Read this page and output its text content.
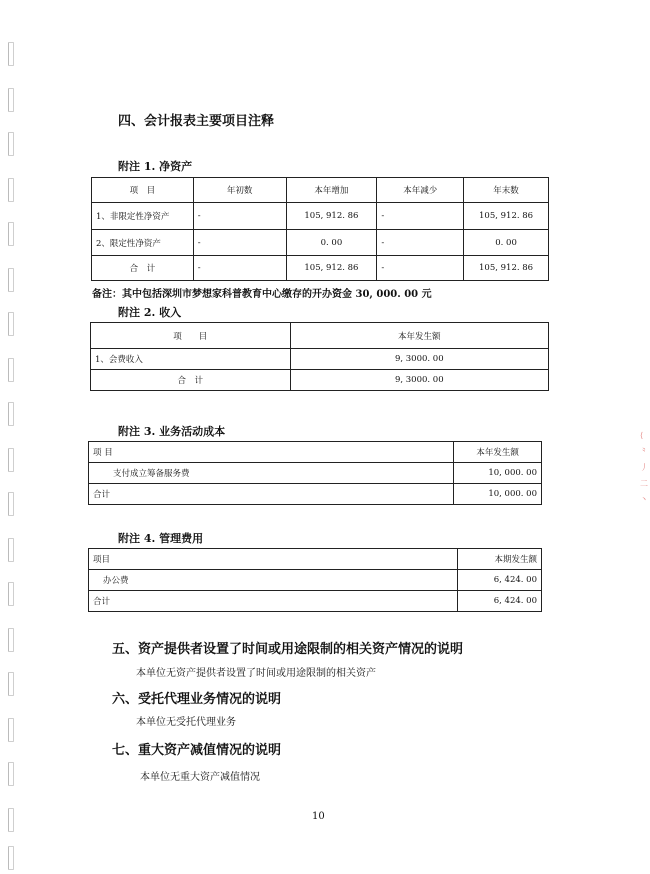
四、会计报表主要项目注释
附注 1. 净资产
项　目	年初数	本年增加	本年减少	年末数
1、非限定性净资产	-	105, 912. 86	-	105, 912. 86
2、限定性净资产	-	0. 00	-	0. 00
合　计	-	105, 912. 86	-	105, 912. 86
备注：其中包括深圳市梦想家科普教育中心缴存的开办资金 30, 000. 00 元
附注 2. 收入
项　　目	本年发生额
1、会费收入	9, 3000. 00
合　计	9, 3000. 00
附注 3. 业务活动成本
项 目	本年发生额
支付成立筹备服务费	10, 000. 00
合计	10, 000. 00
附注 4. 管理费用
项目	本期发生额
办公费	6, 424. 00
合计	6, 424. 00
五、资产提供者设置了时间或用途限制的相关资产情况的说明
本单位无资产提供者设置了时间或用途限制的相关资产
六、受托代理业务情况的说明
本单位无受托代理业务
七、重大资产减值情况的说明
本单位无重大资产减值情况
10
⟨
⺀
⼃
⼆
⼂
